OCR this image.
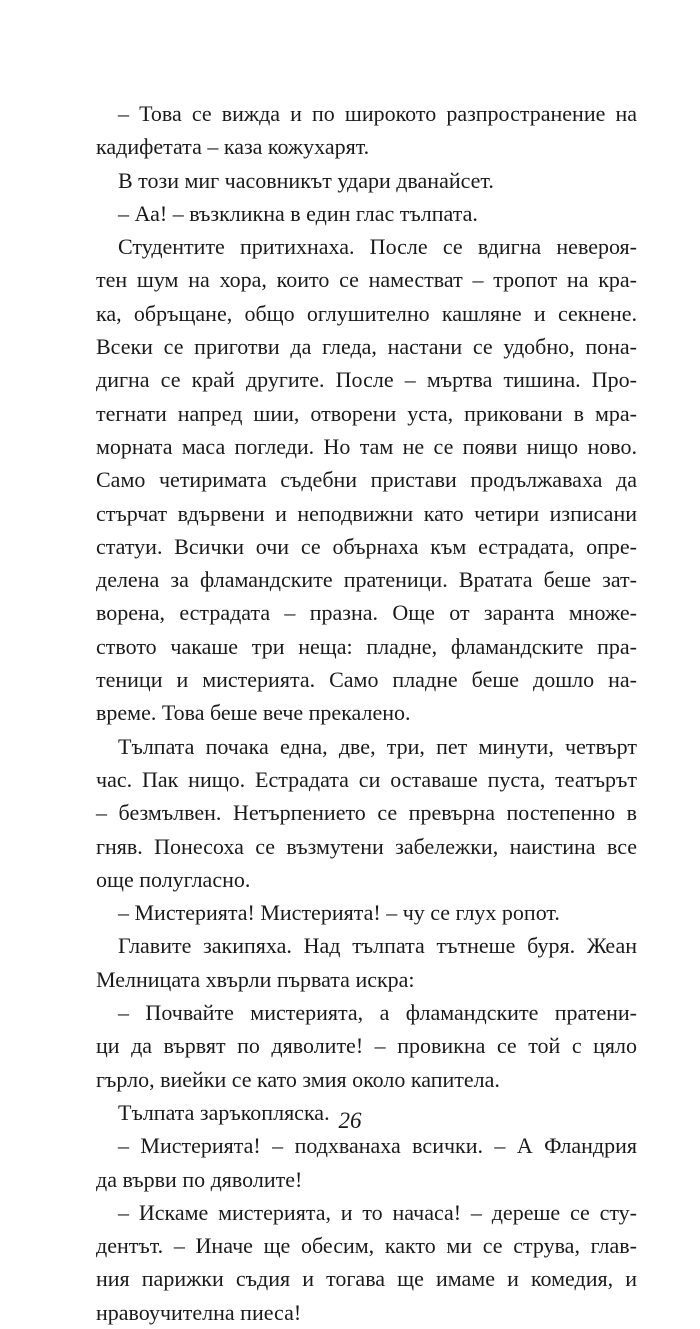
– Това се вижда и по широкото разпространение на
кадифетата – каза кожухарят.
В този миг часовникът удари дванайсет.
– Аа! – възкликна в един глас тълпата.
Студентите притихнаха. После се вдигна невероя-
тен шум на хора, които се наместват – тропот на кра-
ка, обръщане, общо оглушително кашляне и секнене.
Всеки се приготви да гледа, настани се удобно, пона-
дигна се край другите. После – мъртва тишина. Про-
тегнати напред шии, отворени уста, приковани в мра-
морната маса погледи. Но там не се появи нищо ново.
Само четиримата съдебни пристави продължаваха да
стърчат вдървени и неподвижни като четири изписани
статуи. Всички очи се обърнаха към естрадата, опре-
делена за фламандските пратеници. Вратата беше зат-
ворена, естрадата – празна. Още от заранта множе-
ството чакаше три неща: пладне, фламандските пра-
теници и мистерията. Само пладне беше дошло на-
време. Това беше вече прекалено.
Тълпата почака една, две, три, пет минути, четвърт
час. Пак нищо. Естрадата си оставаше пуста, театърът
– безмълвен. Нетърпението се превърна постепенно в
гняв. Понесоха се възмутени забележки, наистина все
още полугласно.
– Мистерията! Мистерията! – чу се глух ропот.
Главите закипяха. Над тълпата тътнеше буря. Жеан
Мелницата хвърли първата искра:
– Почвайте мистерията, а фламандските пратени-
ци да вървят по дяволите! – провикна се той с цяло
гърло, виейки се като змия около капитела.
Тълпата заръкопляска.
– Мистерията! – подхванаха всички. – А Фландрия
да върви по дяволите!
– Искаме мистерията, и то начаса! – дереше се сту-
дентът. – Иначе ще обесим, както ми се струва, глав-
ния парижки съдия и тогава ще имаме и комедия, и
нравоучителна пиеса!
26
